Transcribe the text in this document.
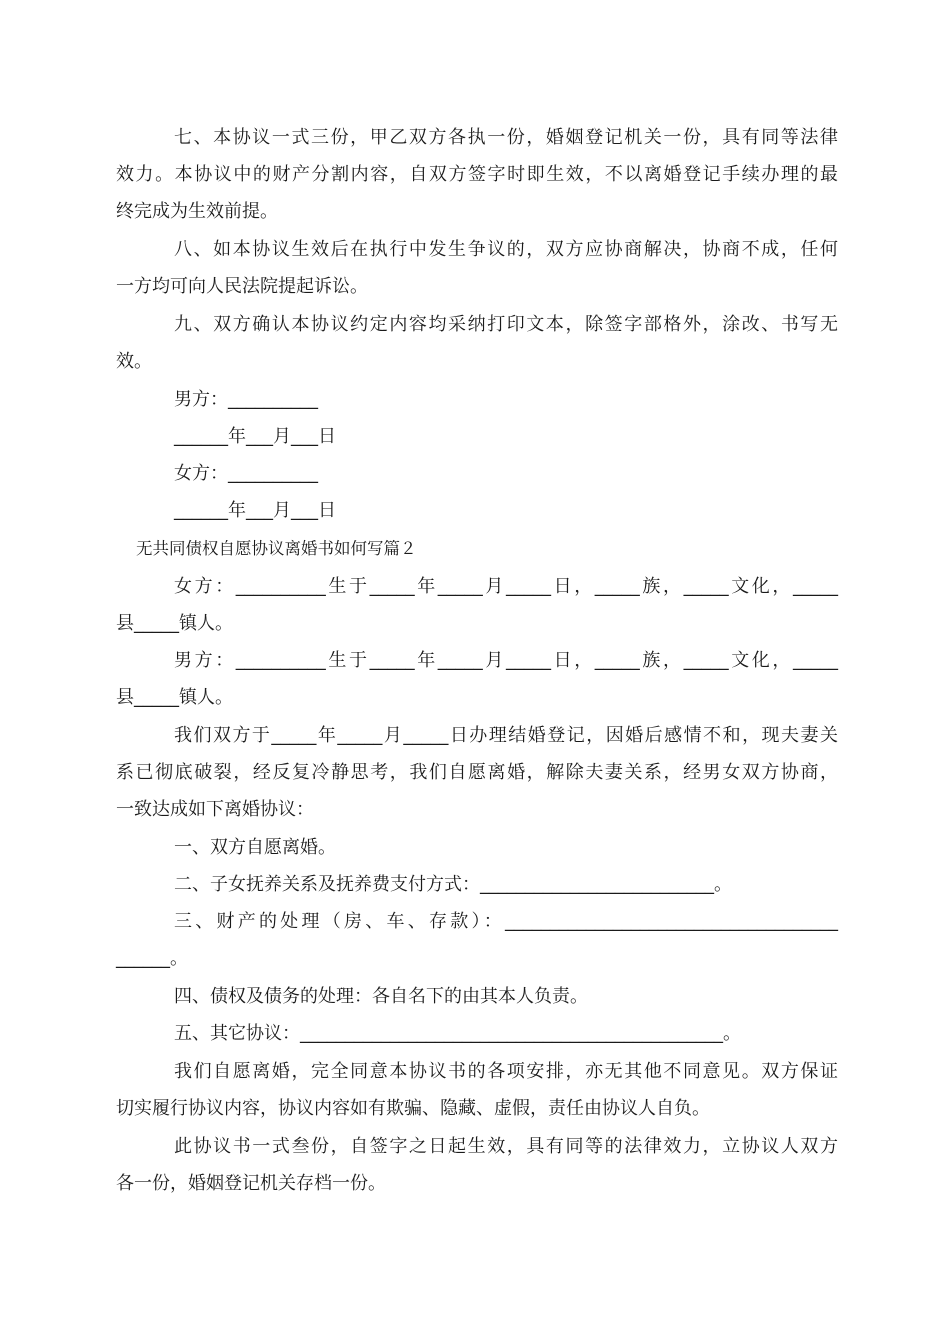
七、本协议一式三份，甲乙双方各执一份，婚姻登记机关一份，具有同等法律
效力。本协议中的财产分割内容，自双方签字时即生效，不以离婚登记手续办理的最
终完成为生效前提。
八、如本协议生效后在执行中发生争议的，双方应协商解决，协商不成，任何
一方均可向人民法院提起诉讼。
九、双方确认本协议约定内容均采纳打印文本，除签字部格外，涂改、书写无
效。
男方：__________
______年___月___日
女方：__________
______年___月___日
无共同债权自愿协议离婚书如何写篇２
女方：__________生于_____年_____月_____日，_____族，_____文化，_____
县_____镇人。
男方：__________生于_____年_____月_____日，_____族，_____文化，_____
县_____镇人。
我们双方于_____年_____月_____日办理结婚登记，因婚后感情不和，现夫妻关
系已彻底破裂，经反复冷静思考，我们自愿离婚，解除夫妻关系，经男女双方协商，
一致达成如下离婚协议：
一、双方自愿离婚。
二、子女抚养关系及抚养费支付方式：__________________________。
三、财产的处理（房、车、存款）：_____________________________________
______。
四、债权及债务的处理：各自名下的由其本人负责。
五、其它协议：_______________________________________________。
我们自愿离婚，完全同意本协议书的各项安排，亦无其他不同意见。双方保证
切实履行协议内容，协议内容如有欺骗、隐藏、虚假，责任由协议人自负。
此协议书一式叁份，自签字之日起生效，具有同等的法律效力，立协议人双方
各一份，婚姻登记机关存档一份。
